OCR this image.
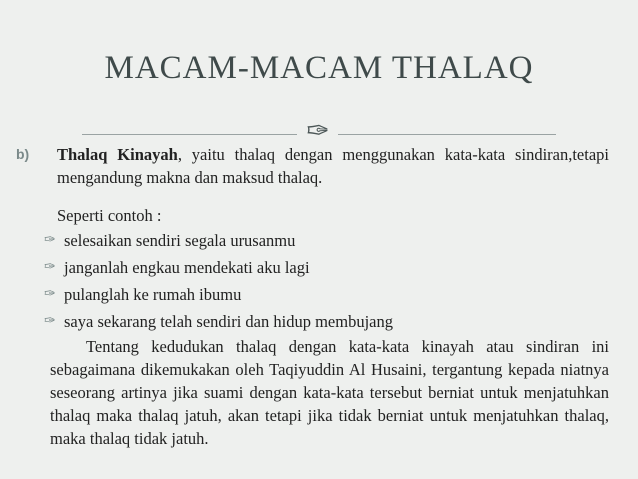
MACAM-MACAM THALAQ
✑
b) Thalaq Kinayah, yaitu thalaq dengan menggunakan kata-kata sindiran,tetapi mengandung makna dan maksud thalaq.
Seperti contoh :
✑ selesaikan sendiri segala urusanmu
✑ janganlah engkau mendekati aku lagi
✑ pulanglah ke rumah ibumu
✑ saya sekarang telah sendiri dan hidup membujang
Tentang kedudukan thalaq dengan kata-kata kinayah atau sindiran ini sebagaimana dikemukakan oleh Taqiyuddin Al Husaini, tergantung kepada niatnya seseorang artinya jika suami dengan kata-kata tersebut berniat untuk menjatuhkan thalaq maka thalaq jatuh, akan tetapi jika tidak berniat untuk menjatuhkan thalaq, maka thalaq tidak jatuh.
